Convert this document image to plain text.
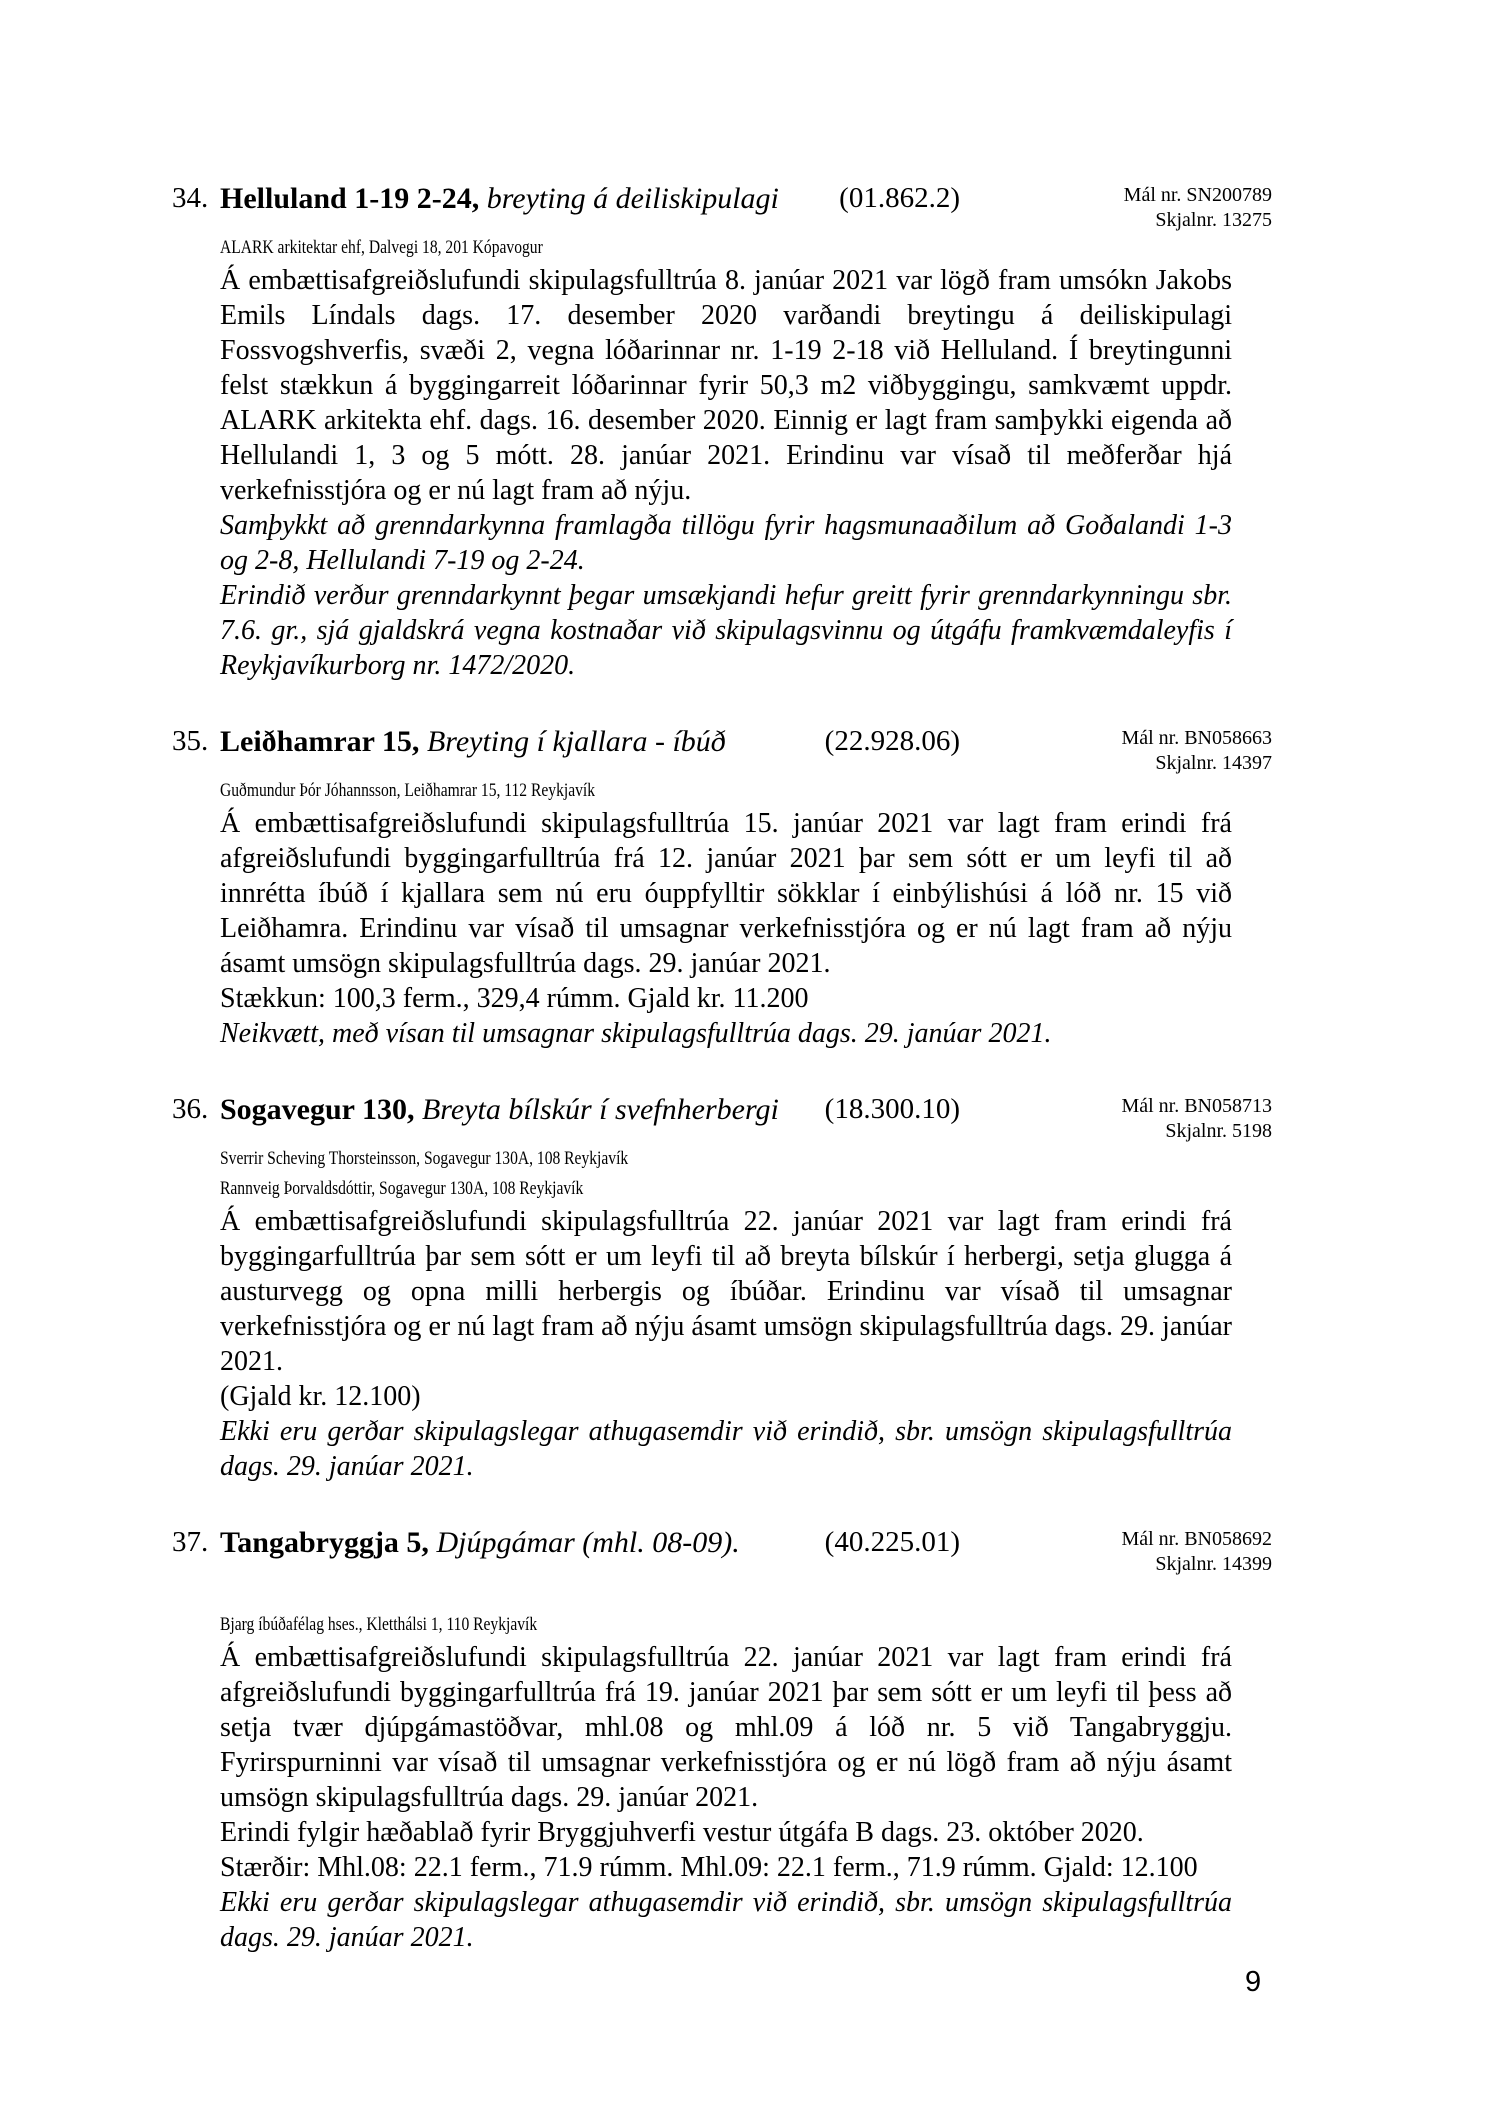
34. Helluland 1-19 2-24, breyting á deiliskipulagi	(01.862.2)	Mál nr. SN200789
Skjalnr. 13275
ALARK arkitektar ehf, Dalvegi 18, 201 Kópavogur
Á embættisafgreiðslufundi skipulagsfulltrúa 8. janúar 2021 var lögð fram umsókn Jakobs Emils Líndals dags. 17. desember 2020 varðandi breytingu á deiliskipulagi Fossvogshverfis, svæði 2, vegna lóðarinnar nr. 1-19 2-18 við Helluland. Í breytingunni felst stækkun á byggingarreit lóðarinnar fyrir 50,3 m2 viðbyggingu, samkvæmt uppdr. ALARK arkitekta ehf. dags. 16. desember 2020. Einnig er lagt fram samþykki eigenda að Hellulandi 1, 3 og 5 mótt. 28. janúar 2021. Erindinu var vísað til meðferðar hjá verkefnisstjóra og er nú lagt fram að nýju.
Samþykkt að grenndarkynna framlagða tillögu fyrir hagsmunaaðilum að Goðalandi 1-3 og 2-8, Hellulandi 7-19 og 2-24.
Erindið verður grenndarkynnt þegar umsækjandi hefur greitt fyrir grenndarkynningu sbr. 7.6. gr., sjá gjaldskrá vegna kostnaðar við skipulagsvinnu og útgáfu framkvæmdaleyfis í Reykjavíkurborg nr. 1472/2020.
35. Leiðhamrar 15, Breyting í kjallara - íbúð	(22.928.06)	Mál nr. BN058663
Skjalnr. 14397
Guðmundur Þór Jóhannsson, Leiðhamrar 15, 112 Reykjavík
Á embættisafgreiðslufundi skipulagsfulltrúa 15. janúar 2021 var lagt fram erindi frá afgreiðslufundi byggingarfulltrúa frá 12. janúar 2021 þar sem sótt er um leyfi til að innrétta íbúð í kjallara sem nú eru óuppfylltir sökklar í einbýlishúsi á lóð nr. 15 við Leiðhamra. Erindinu var vísað til umsagnar verkefnisstjóra og er nú lagt fram að nýju ásamt umsögn skipulagsfulltrúa dags. 29. janúar 2021.
Stækkun: 100,3 ferm., 329,4 rúmm. Gjald kr. 11.200
Neikvætt, með vísan til umsagnar skipulagsfulltrúa dags. 29. janúar 2021.
36. Sogavegur 130, Breyta bílskúr í svefnherbergi	(18.300.10)	Mál nr. BN058713
Skjalnr. 5198
Sverrir Scheving Thorsteinsson, Sogavegur 130A, 108 Reykjavík
Rannveig Þorvaldsdóttir, Sogavegur 130A, 108 Reykjavík
Á embættisafgreiðslufundi skipulagsfulltrúa 22. janúar 2021 var lagt fram erindi frá byggingarfulltrúa þar sem sótt er um leyfi til að breyta bílskúr í herbergi, setja glugga á austurvegg og opna milli herbergis og íbúðar. Erindinu var vísað til umsagnar verkefnisstjóra og er nú lagt fram að nýju ásamt umsögn skipulagsfulltrúa dags. 29. janúar 2021.
(Gjald kr. 12.100)
Ekki eru gerðar skipulagslegar athugasemdir við erindið, sbr. umsögn skipulagsfulltrúa dags. 29. janúar 2021.
37. Tangabryggja 5, Djúpgámar (mhl. 08-09).	(40.225.01)	Mál nr. BN058692
Skjalnr. 14399
Bjarg íbúðafélag hses., Kletthálsi 1, 110 Reykjavík
Á embættisafgreiðslufundi skipulagsfulltrúa 22. janúar 2021 var lagt fram erindi frá afgreiðslufundi byggingarfulltrúa frá 19. janúar 2021 þar sem sótt er um leyfi til þess að setja tvær djúpgámastöðvar, mhl.08 og mhl.09 á lóð nr. 5 við Tangabryggju. Fyrirspurninni var vísað til umsagnar verkefnisstjóra og er nú lögð fram að nýju ásamt umsögn skipulagsfulltrúa dags. 29. janúar 2021.
Erindi fylgir hæðablað fyrir Bryggjuhverfi vestur útgáfa B dags. 23. október 2020.
Stærðir: Mhl.08: 22.1 ferm., 71.9 rúmm. Mhl.09: 22.1 ferm., 71.9 rúmm. Gjald: 12.100
Ekki eru gerðar skipulagslegar athugasemdir við erindið, sbr. umsögn skipulagsfulltrúa dags. 29. janúar 2021.
9
